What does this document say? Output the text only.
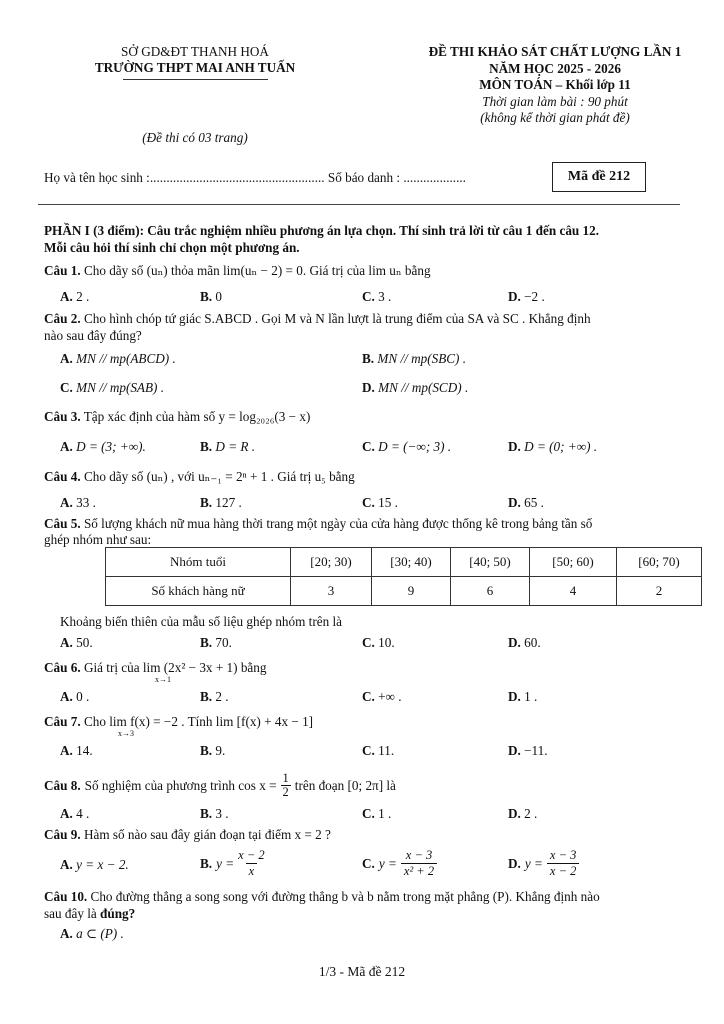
SỞ GD&ĐT THANH HOÁ
TRƯỜNG THPT MAI ANH TUẤN
(Đề thi có 03 trang)
ĐỀ THI KHẢO SÁT CHẤT LƯỢNG LẦN 1
NĂM HỌC 2025 - 2026
MÔN TOÁN – Khối lớp 11
Thời gian làm bài : 90 phút
(không kể thời gian phát đề)
Họ và tên học sinh :..................................................... Số báo danh : ...................	Mã đề 212
PHẦN I (3 điểm): Câu trắc nghiệm nhiều phương án lựa chọn. Thí sinh trả lời từ câu 1 đến câu 12.
Mỗi câu hỏi thí sinh chỉ chọn một phương án.
Câu 1. Cho dãy số (uₙ) thỏa mãn lim(uₙ − 2) = 0. Giá trị của lim uₙ bằng
A. 2 .	B. 0	C. 3 .	D. −2 .
Câu 2. Cho hình chóp tứ giác S.ABCD . Gọi M và N lần lượt là trung điểm của SA và SC . Khẳng định
nào sau đây đúng?
A. MN // mp(ABCD) .	B. MN // mp(SBC) .
C. MN // mp(SAB) .	D. MN // mp(SCD) .
Câu 3. Tập xác định của hàm số y = log₂₀₂₆(3 − x)
A. D = (3; +∞).	B. D = R .	C. D = (−∞; 3) .	D. D = (0; +∞) .
Câu 4. Cho dãy số (uₙ) , với uₙ₋₁ = 2ⁿ + 1 . Giá trị u₅ bằng
A. 33 .	B. 127 .	C. 15 .	D. 65 .
Câu 5. Số lượng khách nữ mua hàng thời trang một ngày của cửa hàng được thống kê trong bảng tần số
ghép nhóm như sau:
Nhóm tuổi	[20; 30)	[30; 40)	[40; 50)	[50; 60)	[60; 70)
Số khách hàng nữ	3	9	6	4	2
Khoảng biến thiên của mẫu số liệu ghép nhóm trên là
A. 50.	B. 70.	C. 10.	D. 60.
Câu 6. Giá trị của lim (2x² − 3x + 1) bằng
x→1
A. 0 .	B. 2 .	C. +∞ .	D. 1 .
Câu 7. Cho lim f(x) = −2 . Tính lim [f(x) + 4x − 1]
x→3
A. 14.	B. 9.	C. 11.	D. −11.
Câu 8. Số nghiệm của phương trình $\cos x = \frac{1}{2}$ trên đoạn [0; 2π] là
A. 4 .	B. 3 .	C. 1 .	D. 2 .
Câu 9. Hàm số nào sau đây gián đoạn tại điểm x = 2 ?
A. y = x − 2.	B. $y = \frac{x - 2}{x}$	C. $y = \frac{x - 3}{\text{x² + 2}}$	D. $y = \frac{x - 3}{x - 2}$
Câu 10. Cho đường thẳng a song song với đường thẳng b và b nằm trong mặt phẳng (P). Khẳng định nào
sau đây là đúng?
A. a ⊂ (P) .
1/3 - Mã đề 212
